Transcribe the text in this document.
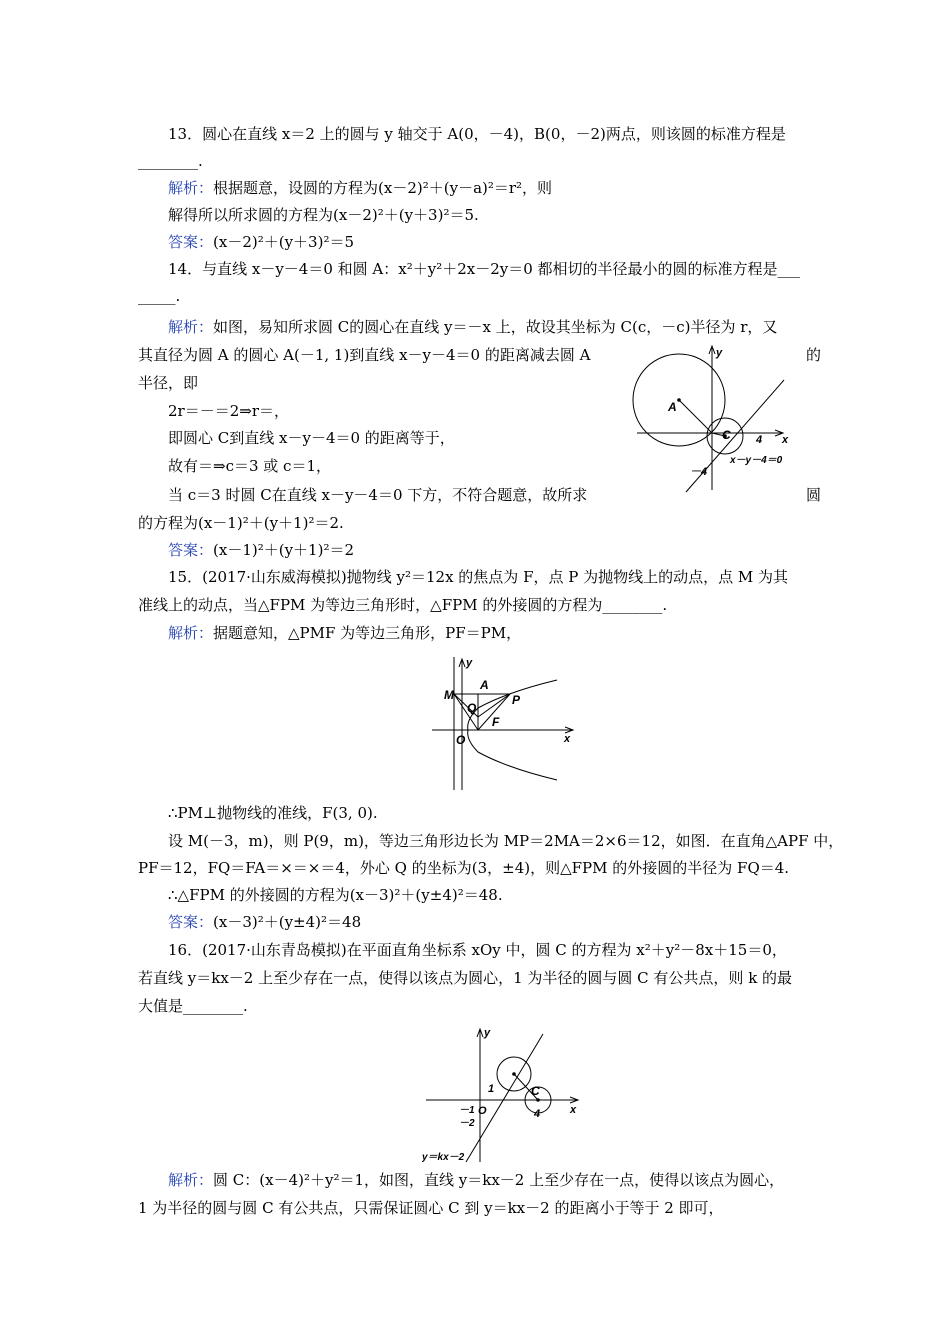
13．圆心在直线 x＝2 上的圆与 y 轴交于 A(0，－4)，B(0，－2)两点，则该圆的标准方程是
________.
解析：根据题意，设圆的方程为(x－2)²＋(y－a)²＝r²，则
解得所以所求圆的方程为(x－2)²＋(y＋3)²＝5.
答案：(x－2)²＋(y＋3)²＝5
14．与直线 x－y－4＝0 和圆 A：x²＋y²＋2x－2y＝0 都相切的半径最小的圆的标准方程是___
_____.
解析：如图，易知所求圆 C的圆心在直线 y＝－x 上，故设其坐标为 C(c，－c)半径为 r，又
其直径为圆 A 的圆心 A(－1, 1)到直线 x－y－4＝0 的距离减去圆 A	的
半径，即
2r＝－＝2⇒r＝，
即圆心 C到直线 x－y－4＝0 的距离等于，
故有＝⇒c＝3 或 c＝1，
当 c＝3 时圆 C在直线 x－y－4＝0 下方，不符合题意，故所求	圆
的方程为(x－1)²＋(y＋1)²＝2.
答案：(x－1)²＋(y＋1)²＝2
y
x
A
C 4
－4
x－y－4＝0
15．(2017·山东威海模拟)抛物线 y²＝12x 的焦点为 F，点 P 为抛物线上的动点，点 M 为其
准线上的动点，当△FPM 为等边三角形时，△FPM 的外接圆的方程为________.
解析：据题意知，△PMF 为等边三角形，PF＝PM，
M
A
Q
P
F
O
y
x
∴PM⊥抛物线的准线，F(3, 0).
设 M(－3，m)，则 P(9，m)，等边三角形边长为 MP＝2MA＝2×6＝12，如图．在直角△APF 中，
PF＝12，FQ＝FA＝×＝×＝4，外心 Q 的坐标为(3，±4)，则△FPM 的外接圆的半径为 FQ＝4.
∴△FPM 的外接圆的方程为(x－3)²＋(y±4)²＝48.
答案：(x－3)²＋(y±4)²＝48
16．(2017·山东青岛模拟)在平面直角坐标系 xOy 中，圆 C 的方程为 x²＋y²－8x＋15＝0，
若直线 y＝kx－2 上至少存在一点，使得以该点为圆心，1 为半径的圆与圆 C 有公共点，则 k 的最
大值是________.
y
x
C
1
4
O
－1
－2
y＝kx－2
解析：圆 C：(x－4)²＋y²＝1，如图，直线 y＝kx－2 上至少存在一点，使得以该点为圆心，
1 为半径的圆与圆 C 有公共点，只需保证圆心 C 到 y＝kx－2 的距离小于等于 2 即可，
